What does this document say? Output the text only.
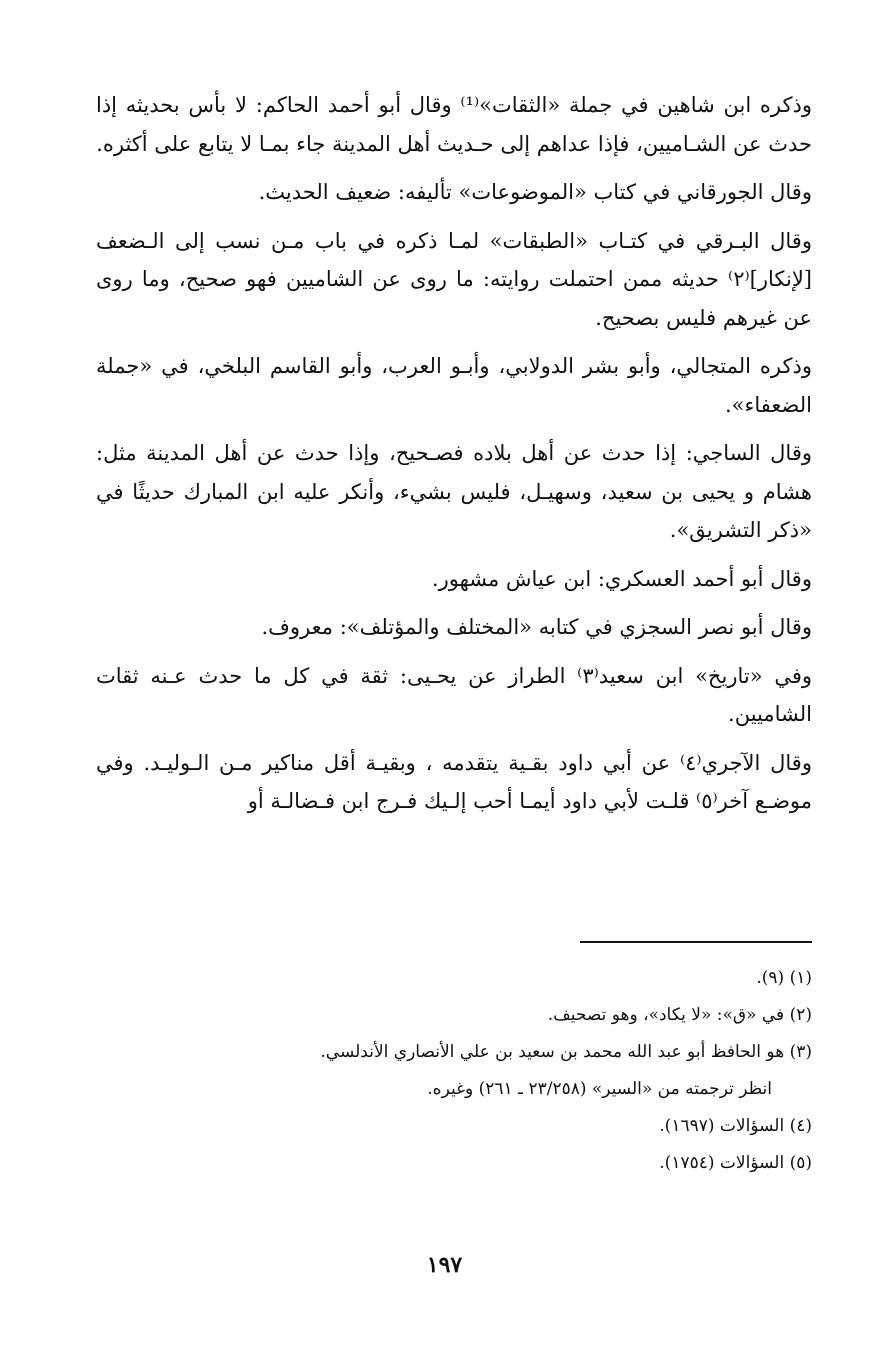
وذكره ابن شاهين في جملة «الثقات»⁽¹⁾ وقال أبو أحمد الحاكم: لا بأس بحديثه إذا حدث عن الشـاميين، فإذا عداهم إلى حـديث أهل المدينة جاء بمـا لا يتابع على أكثره.

وقال الجورقاني في كتاب «الموضوعات» تأليفه: ضعيف الحديث.

وقال البـرقي في كتـاب «الطبقات» لمـا ذكره في باب مـن نسب إلى الـضعف [لإنكار]⁽٢⁾ حديثه ممن احتملت روايته: ما روى عن الشاميين فهو صحيح، وما روى عن غيرهم فليس بصحيح.

وذكره المتجالي، وأبو بشر الدولابي، وأبـو العرب، وأبو القاسم البلخي، في «جملة الضعفاء».

وقال الساجي: إذا حدث عن أهل بلاده فصـحيح، وإذا حدث عن أهل المدينة مثل: هشام و يحيى بن سعيد، وسهيـل، فليس بشيء، وأنكر عليه ابن المبارك حديثًا في «ذكر التشريق».

وقال أبو أحمد العسكري: ابن عياش مشهور.

وقال أبو نصر السجزي في كتابه «المختلف والمؤتلف»: معروف.

وفي «تاريخ» ابن سعيد⁽٣⁾ الطراز عن يحـيى: ثقة في كل ما حدث عـنه ثقات الشاميين.

وقال الآجري⁽٤⁾ عن أبي داود بقـية يتقدمه ، وبقيـة أقل مناكير مـن الـوليـد. وفي موضـع آخر⁽٥⁾ قلـت لأبي داود أيمـا أحب إلـيك فـرج ابن فـضالـة أو

(١) (٩).

(٢) في «ق»: «لا يكاد»، وهو تصحيف.

(٣) هو الحافظ أبو عبد الله محمد بن سعيد بن علي الأنصاري الأندلسي.

انظر ترجمته من «السير» (٢٣/٢٥٨ ـ ٢٦١) وغيره.

(٤) السؤالات (١٦٩٧).

(٥) السؤالات (١٧٥٤).

١٩٧
